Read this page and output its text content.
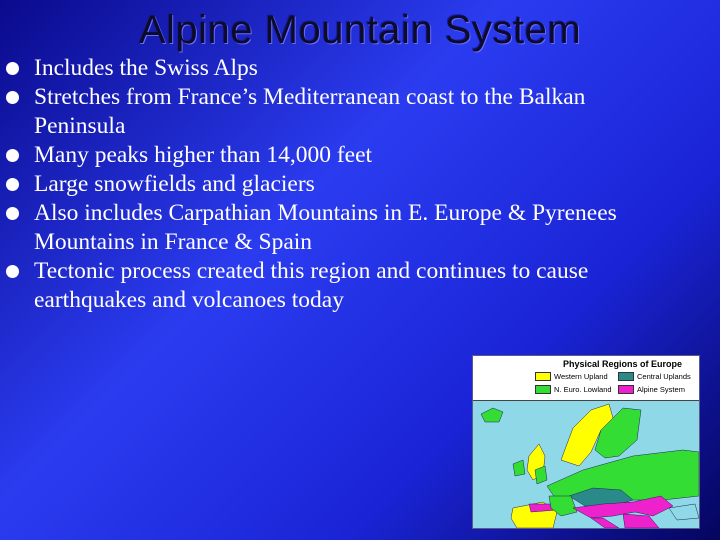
Alpine Mountain System
Includes the Swiss Alps
Stretches from France’s Mediterranean coast to the Balkan Peninsula
Many peaks higher than 14,000 feet
Large snowfields and glaciers
Also includes Carpathian Mountains in E. Europe & Pyrenees Mountains in France & Spain
Tectonic process created this region and continues to cause earthquakes and volcanoes today
Physical Regions of Europe
Western Upland	Central Uplands
N. Euro. Lowland	Alpine System
